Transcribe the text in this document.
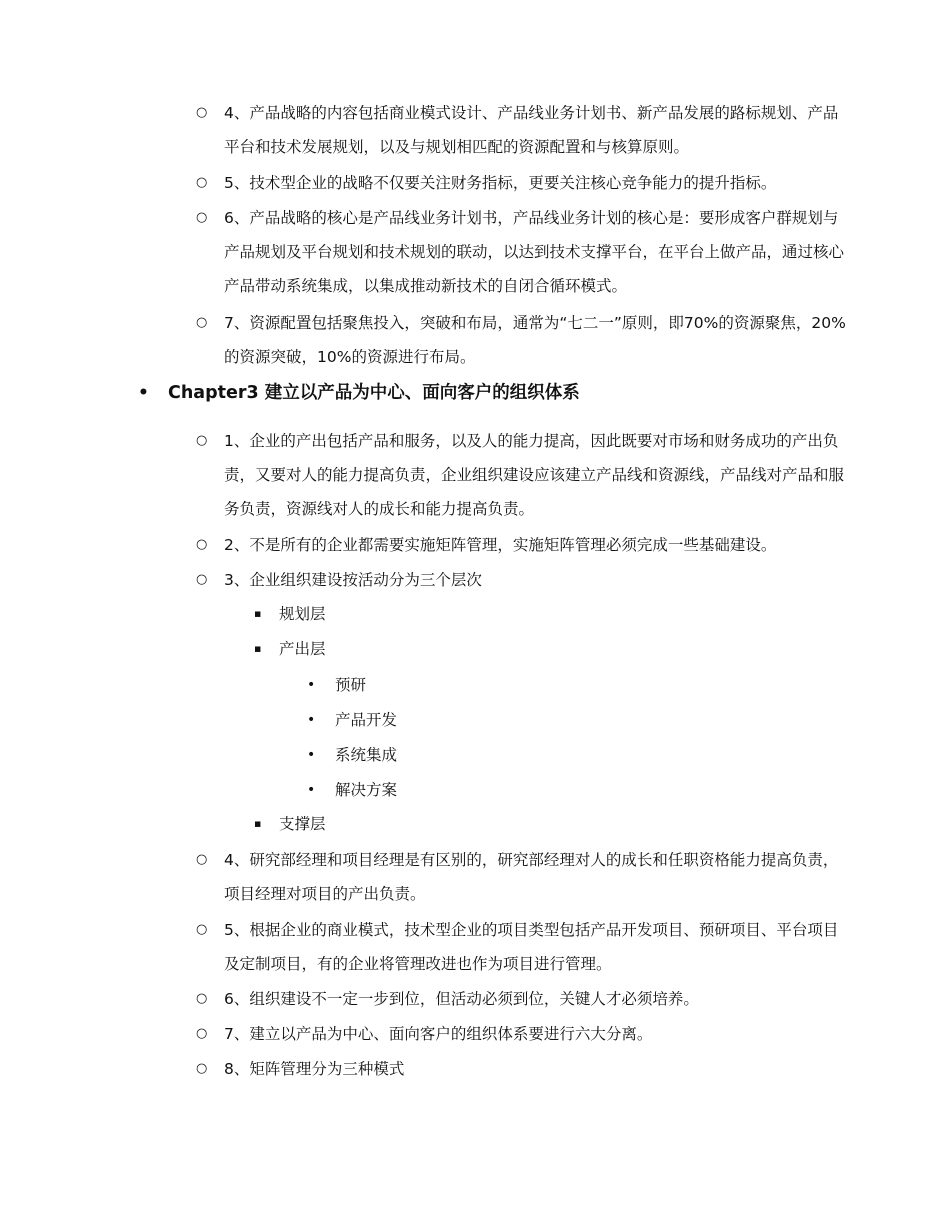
○ 4、产品战略的内容包括商业模式设计、产品线业务计划书、新产品发展的路标规划、产品平台和技术发展规划，以及与规划相匹配的资源配置和与核算原则。
○ 5、技术型企业的战略不仅要关注财务指标，更要关注核心竞争能力的提升指标。
○ 6、产品战略的核心是产品线业务计划书，产品线业务计划的核心是：要形成客户群规划与产品规划及平台规划和技术规划的联动，以达到技术支撑平台，在平台上做产品，通过核心产品带动系统集成，以集成推动新技术的自闭合循环模式。
○ 7、资源配置包括聚焦投入，突破和布局，通常为“七二一”原则，即70%的资源聚焦，20%的资源突破，10%的资源进行布局。
• Chapter3 建立以产品为中心、面向客户的组织体系
○ 1、企业的产出包括产品和服务，以及人的能力提高，因此既要对市场和财务成功的产出负责，又要对人的能力提高负责，企业组织建设应该建立产品线和资源线，产品线对产品和服务负责，资源线对人的成长和能力提高负责。
○ 2、不是所有的企业都需要实施矩阵管理，实施矩阵管理必须完成一些基础建设。
○ 3、企业组织建设按活动分为三个层次
▪ 规划层
▪ 产出层
• 预研
• 产品开发
• 系统集成
• 解决方案
▪ 支撑层
○ 4、研究部经理和项目经理是有区别的，研究部经理对人的成长和任职资格能力提高负责，项目经理对项目的产出负责。
○ 5、根据企业的商业模式，技术型企业的项目类型包括产品开发项目、预研项目、平台项目及定制项目，有的企业将管理改进也作为项目进行管理。
○ 6、组织建设不一定一步到位，但活动必须到位，关键人才必须培养。
○ 7、建立以产品为中心、面向客户的组织体系要进行六大分离。
○ 8、矩阵管理分为三种模式
